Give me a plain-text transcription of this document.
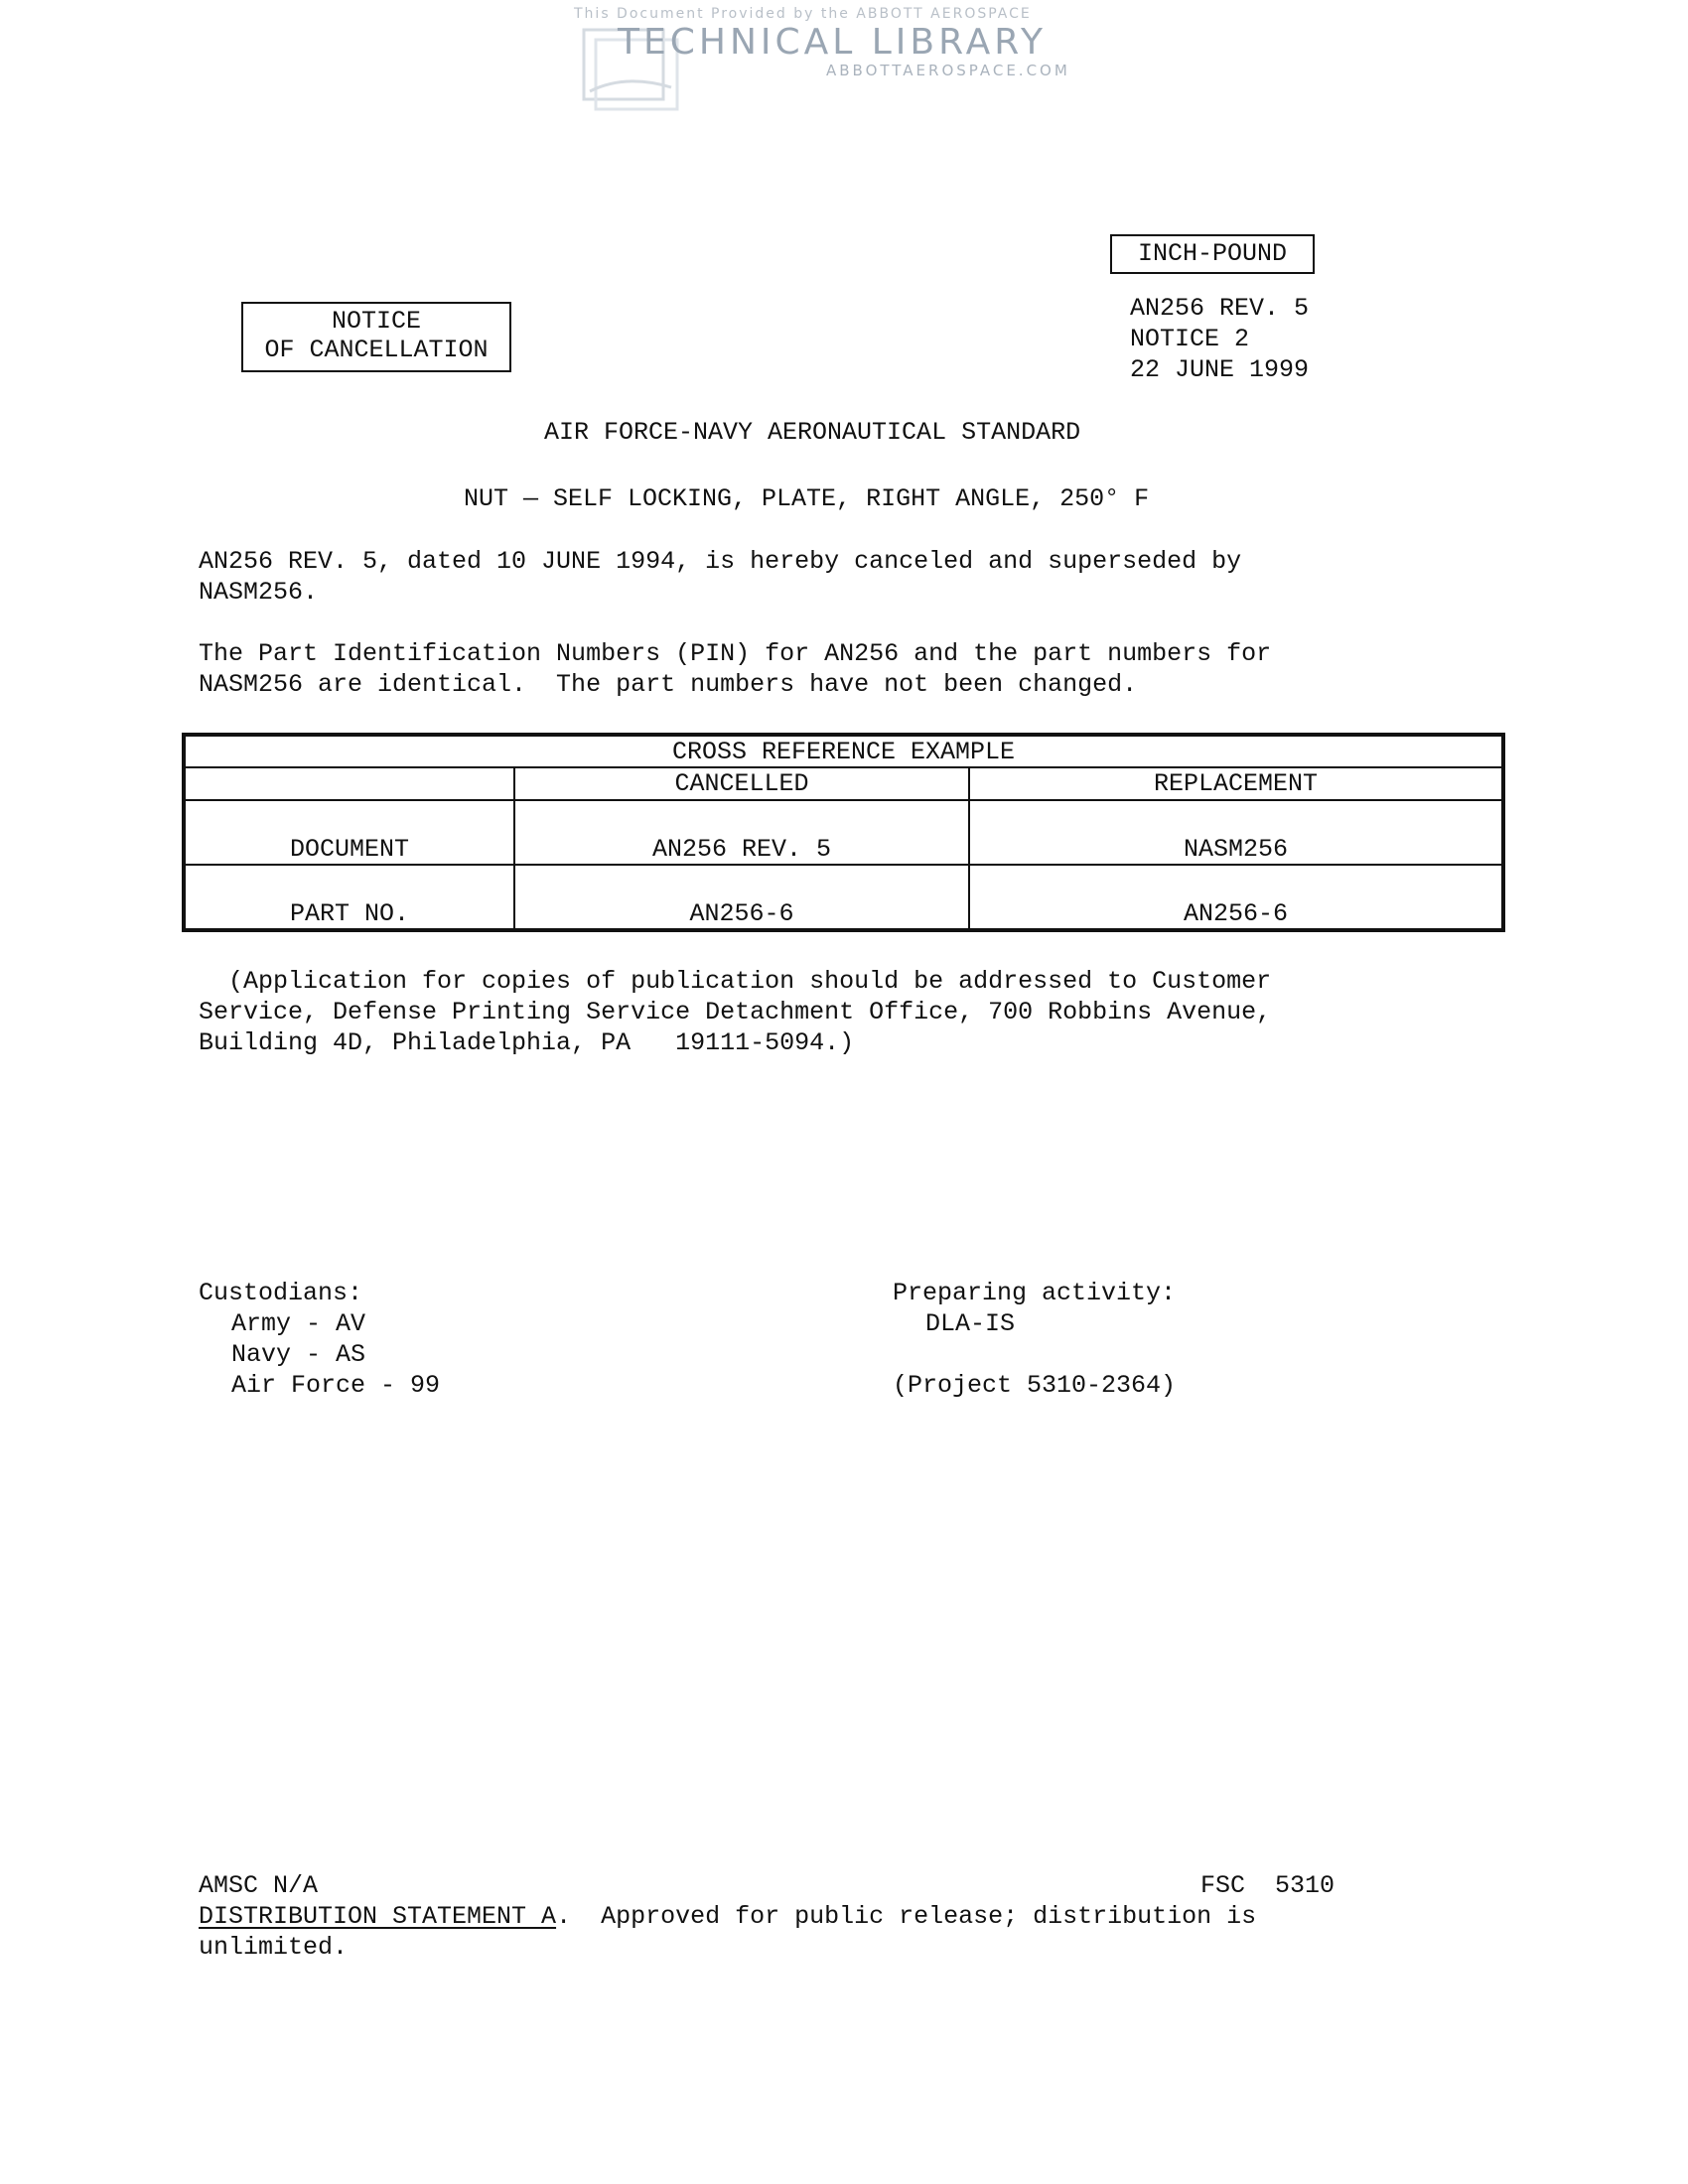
This Document Provided by the ABBOTT AEROSPACE
TECHNICAL LIBRARY
ABBOTTAEROSPACE.COM
INCH-POUND
NOTICE
OF CANCELLATION
AN256 REV. 5
NOTICE 2
22 JUNE 1999
AIR FORCE-NAVY AERONAUTICAL STANDARD
NUT — SELF LOCKING, PLATE, RIGHT ANGLE, 250° F
AN256 REV. 5, dated 10 JUNE 1994, is hereby canceled and superseded by
NASM256.
The Part Identification Numbers (PIN) for AN256 and the part numbers for
NASM256 are identical.  The part numbers have not been changed.
CROSS REFERENCE EXAMPLE		
	CANCELLED	REPLACEMENT
DOCUMENT	AN256 REV. 5	NASM256
PART NO.	AN256-6	AN256-6
(Application for copies of publication should be addressed to Customer
Service, Defense Printing Service Detachment Office, 700 Robbins Avenue,
Building 4D, Philadelphia, PA   19111-5094.)
Custodians:
Army - AV
Navy - AS
Air Force - 99
Preparing activity:
DLA-IS
(Project 5310-2364)
AMSC N/A	FSC  5310
DISTRIBUTION STATEMENT A.  Approved for public release; distribution is
unlimited.
